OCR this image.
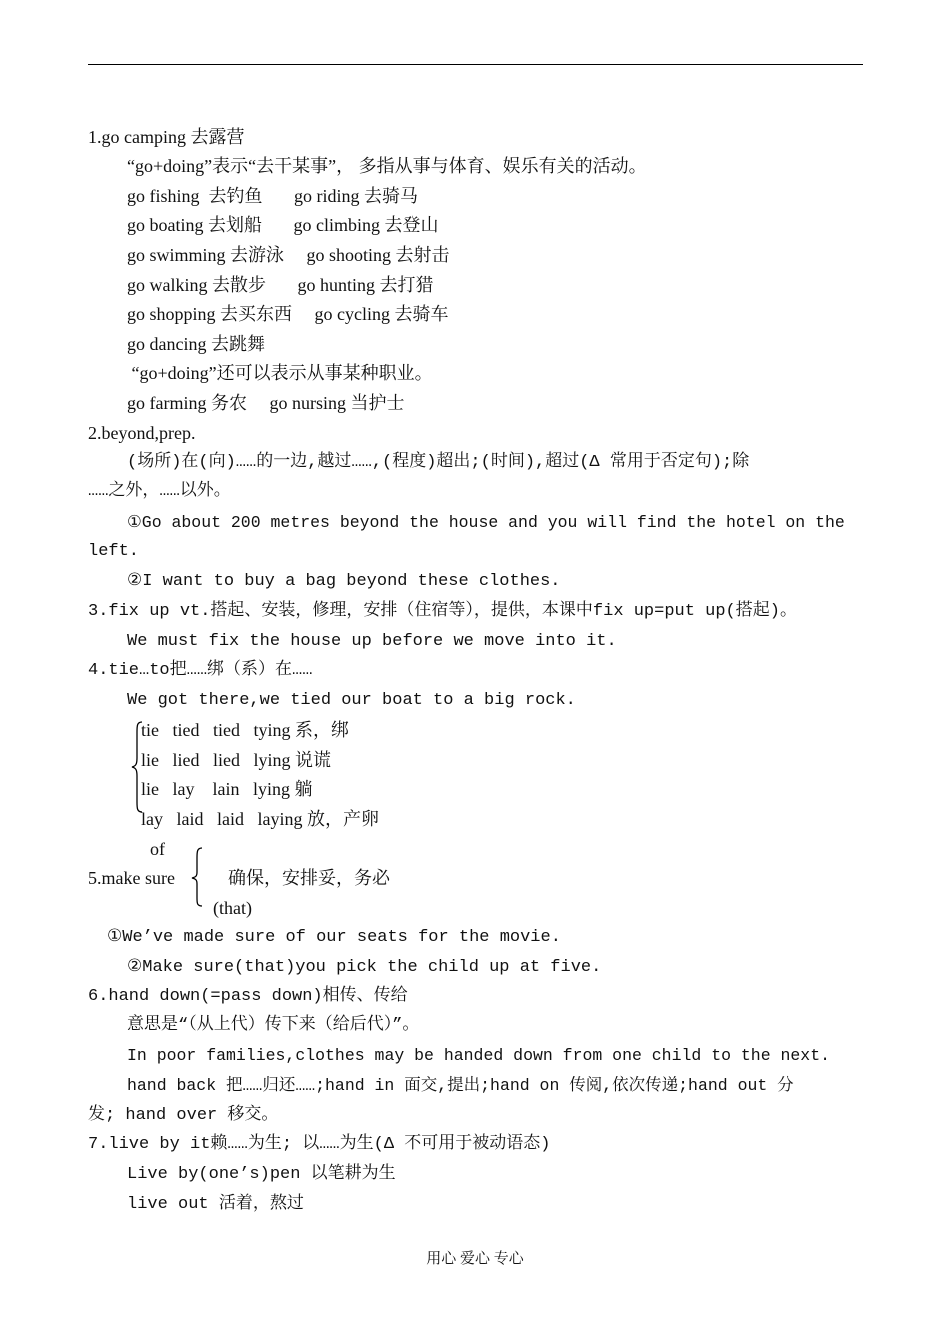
1.go camping 去露营
“go+doing”表示“去干某事”， 多指从事与体育、娱乐有关的活动。
go fishing  去钓鱼       go riding 去骑马
go boating 去划船       go climbing 去登山
go swimming 去游泳     go shooting 去射击
go walking 去散步       go hunting 去打猎
go shopping 去买东西     go cycling 去骑车
go dancing 去跳舞
“go+doing”还可以表示从事某种职业。
go farming 务农     go nursing 当护士
2.beyond,prep.
(场所)在(向)……的一边,越过……,(程度)超出;(时间),超过(Δ 常用于否定句);除
……之外，……以外。
①Go about 200 metres beyond the house and you will find the hotel on the
left.
②I want to buy a bag beyond these clothes.
3.fix up vt.搭起、安装，修理，安排（住宿等），提供，本课中fix up=put up(搭起)。
We must fix the house up before we move into it.
4.tie…to把……绑（系）在……
We got there,we tied our boat to a big rock.
tie   tied   tied   tying 系，绑
lie   lied   lied   lying 说谎
lie   lay    lain   lying 躺
lay   laid   laid   laying 放，产卵
of
5.make sure	确保，安排妥，务必
(that)
①We’ve made sure of our seats for the movie.
②Make sure(that)you pick the child up at five.
6.hand down(=pass down)相传、传给
意思是“（从上代）传下来（给后代）”。
In poor families,clothes may be handed down from one child to the next.
hand back 把……归还……;hand in 面交,提出;hand on 传阅,依次传递;hand out 分
发; hand over 移交。
7.live by it赖……为生; 以……为生(Δ 不可用于被动语态)
Live by(one’s)pen 以笔耕为生
live out 活着，熬过
用心 爱心 专心
